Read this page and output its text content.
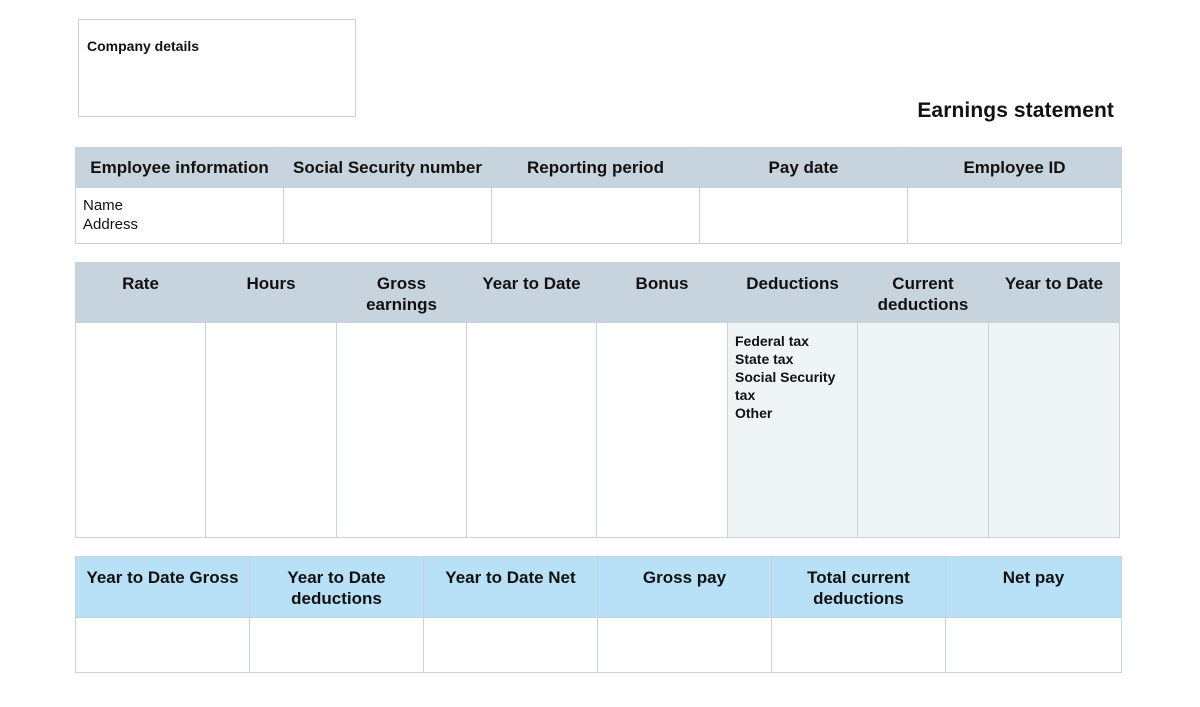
Company details
Earnings statement
Employee information	Social Security number	Reporting period	Pay date	Employee ID

Name
Address				

Rate	Hours	Gross earnings	Year to Date	Bonus	Deductions	Current deductions	Year to Date

					Federal tax
State tax
Social Security tax
Other		

Year to Date Gross	Year to Date deductions	Year to Date Net	Gross pay	Total current deductions	Net pay
